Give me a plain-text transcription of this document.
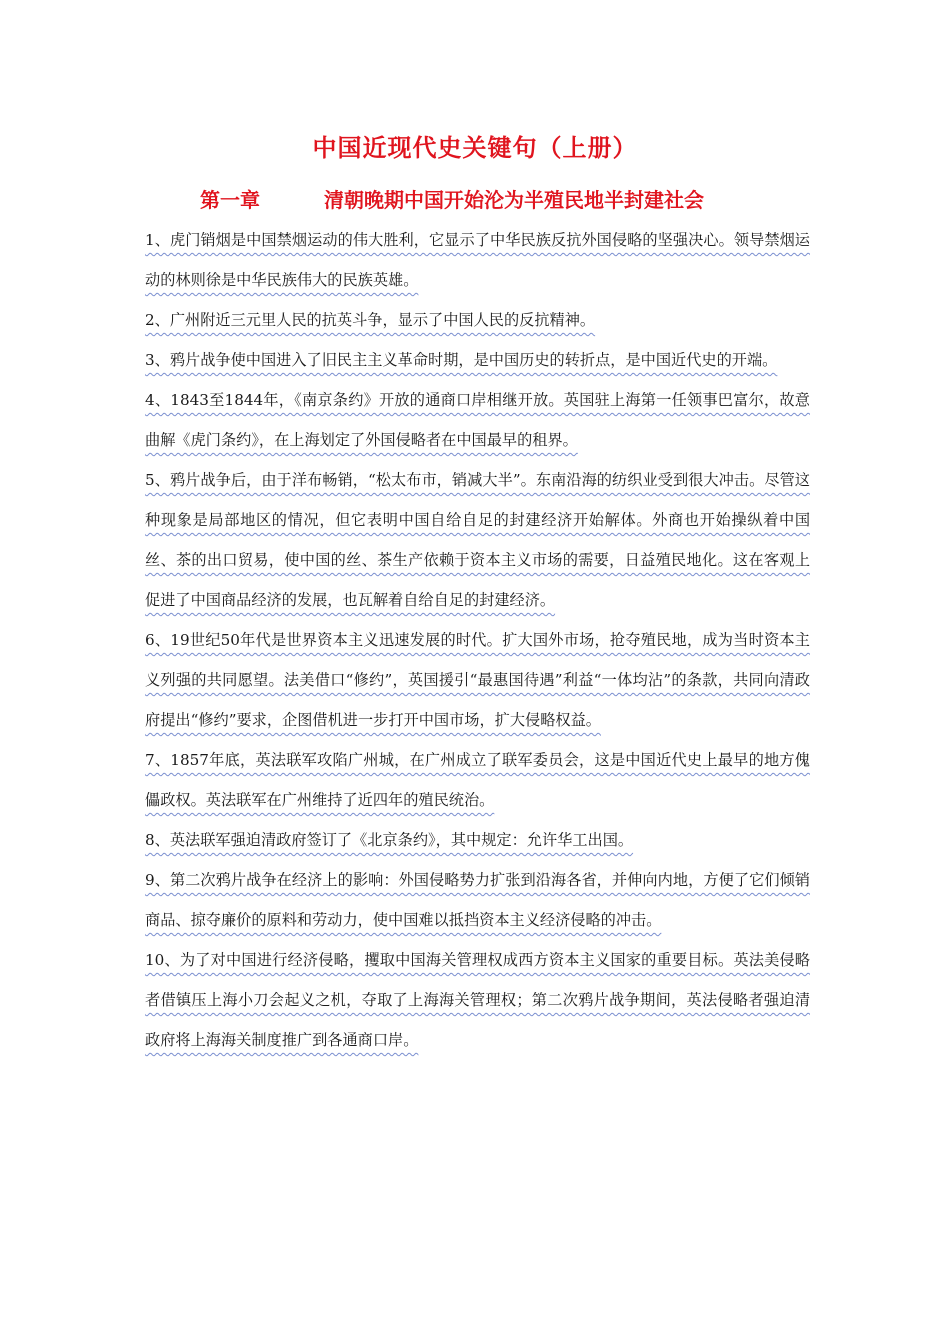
中国近现代史关键句（上册）
第一章	清朝晚期中国开始沦为半殖民地半封建社会

1、虎门销烟是中国禁烟运动的伟大胜利，它显示了中华民族反抗外国侵略的坚强决心。领导禁烟运动的林则徐是中华民族伟大的民族英雄。

2、广州附近三元里人民的抗英斗争，显示了中国人民的反抗精神。

3、鸦片战争使中国进入了旧民主主义革命时期，是中国历史的转折点，是中国近代史的开端。

4、1843至1844年，《南京条约》开放的通商口岸相继开放。英国驻上海第一任领事巴富尔，故意曲解《虎门条约》，在上海划定了外国侵略者在中国最早的租界。

5、鸦片战争后，由于洋布畅销，“松太布市，销减大半”。东南沿海的纺织业受到很大冲击。尽管这种现象是局部地区的情况，但它表明中国自给自足的封建经济开始解体。外商也开始操纵着中国丝、茶的出口贸易，使中国的丝、茶生产依赖于资本主义市场的需要，日益殖民地化。这在客观上促进了中国商品经济的发展，也瓦解着自给自足的封建经济。

6、19世纪50年代是世界资本主义迅速发展的时代。扩大国外市场，抢夺殖民地，成为当时资本主义列强的共同愿望。法美借口“修约”，英国援引“最惠国待遇”利益“一体均沾”的条款，共同向清政府提出“修约”要求，企图借机进一步打开中国市场，扩大侵略权益。

7、1857年底，英法联军攻陷广州城，在广州成立了联军委员会，这是中国近代史上最早的地方傀儡政权。英法联军在广州维持了近四年的殖民统治。

8、英法联军强迫清政府签订了《北京条约》，其中规定：允许华工出国。

9、第二次鸦片战争在经济上的影响：外国侵略势力扩张到沿海各省，并伸向内地，方便了它们倾销商品、掠夺廉价的原料和劳动力，使中国难以抵挡资本主义经济侵略的冲击。

10、为了对中国进行经济侵略，攫取中国海关管理权成西方资本主义国家的重要目标。英法美侵略者借镇压上海小刀会起义之机，夺取了上海海关管理权；第二次鸦片战争期间，英法侵略者强迫清政府将上海海关制度推广到各通商口岸。
